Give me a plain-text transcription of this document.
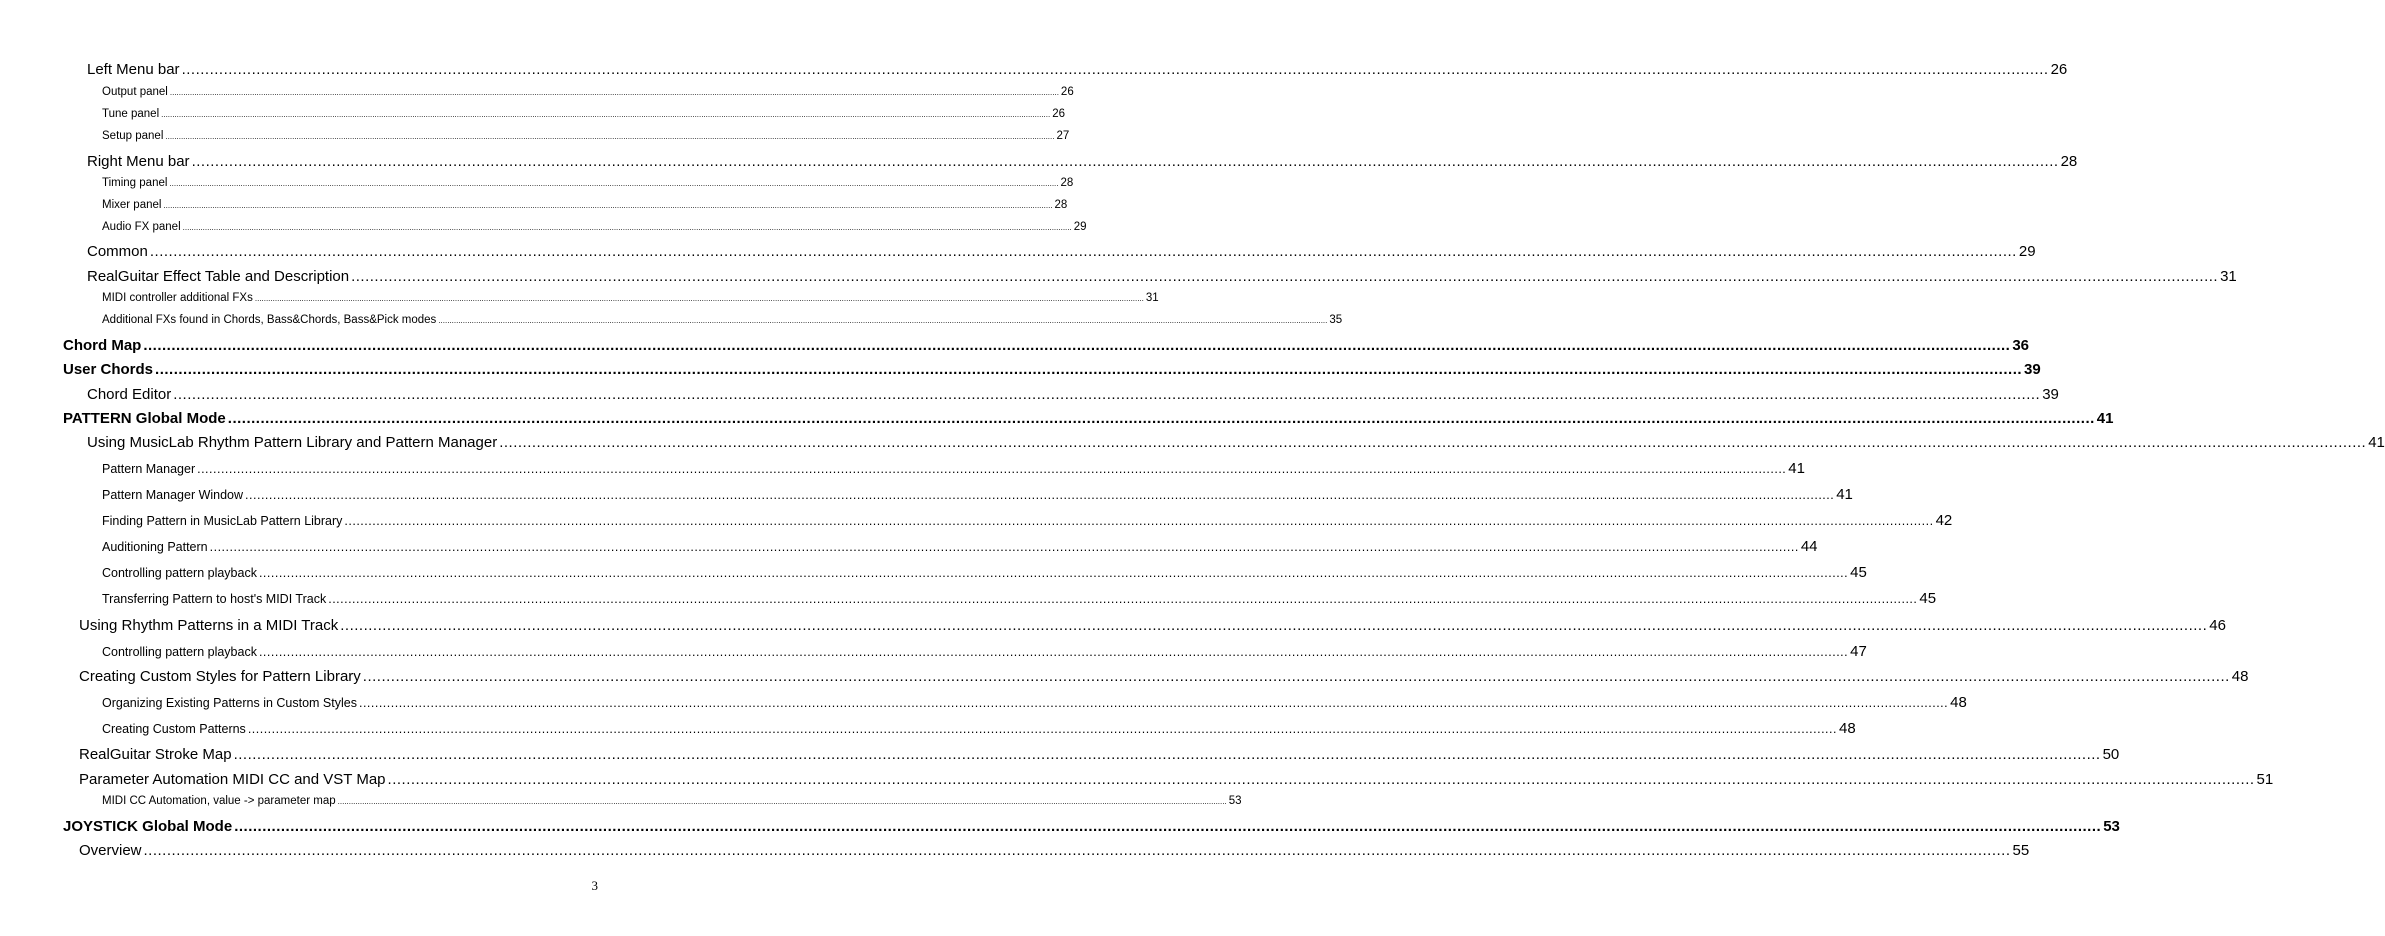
Left Menu bar ................................................................................................................................................................................................................................................................................................................................................................................................................ 26
Output panel ................................................................................................................................................................................................................................................................................................................................................................................................................ 26
Tune panel ................................................................................................................................................................................................................................................................................................................................................................................................................ 26
Setup panel ................................................................................................................................................................................................................................................................................................................................................................................................................ 27
Right Menu bar ................................................................................................................................................................................................................................................................................................................................................................................................................ 28
Timing panel ................................................................................................................................................................................................................................................................................................................................................................................................................ 28
Mixer panel ................................................................................................................................................................................................................................................................................................................................................................................................................ 28
Audio FX panel ................................................................................................................................................................................................................................................................................................................................................................................................................ 29
Common ................................................................................................................................................................................................................................................................................................................................................................................................................ 29
RealGuitar Effect Table and Description ................................................................................................................................................................................................................................................................................................................................................................................................................ 31
MIDI controller additional FXs ................................................................................................................................................................................................................................................................................................................................................................................................................ 31
Additional FXs found in Chords, Bass&Chords, Bass&Pick modes ................................................................................................................................................................................................................................................................................................................................................................................................................ 35
Chord Map ................................................................................................................................................................................................................................................................................................................................................................................................................ 36
User Chords ................................................................................................................................................................................................................................................................................................................................................................................................................ 39
Chord Editor ................................................................................................................................................................................................................................................................................................................................................................................................................ 39
PATTERN Global Mode ................................................................................................................................................................................................................................................................................................................................................................................................................ 41
Using MusicLab Rhythm Pattern Library and Pattern Manager ................................................................................................................................................................................................................................................................................................................................................................................................................ 41
Pattern Manager ................................................................................................................................................................................................................................................................................................................................................................................................................ 41
Pattern Manager Window ................................................................................................................................................................................................................................................................................................................................................................................................................ 41
Finding Pattern in MusicLab Pattern Library ................................................................................................................................................................................................................................................................................................................................................................................................................ 42
Auditioning Pattern ................................................................................................................................................................................................................................................................................................................................................................................................................ 44
Controlling pattern playback ................................................................................................................................................................................................................................................................................................................................................................................................................ 45
Transferring Pattern to host's MIDI Track ................................................................................................................................................................................................................................................................................................................................................................................................................ 45
Using Rhythm Patterns in a MIDI Track ................................................................................................................................................................................................................................................................................................................................................................................................................ 46
Controlling pattern playback ................................................................................................................................................................................................................................................................................................................................................................................................................ 47
Creating Custom Styles for Pattern Library ................................................................................................................................................................................................................................................................................................................................................................................................................ 48
Organizing Existing Patterns in Custom Styles ................................................................................................................................................................................................................................................................................................................................................................................................................ 48
Creating Custom Patterns ................................................................................................................................................................................................................................................................................................................................................................................................................ 48
RealGuitar Stroke Map ................................................................................................................................................................................................................................................................................................................................................................................................................ 50
Parameter Automation MIDI CC and VST Map ................................................................................................................................................................................................................................................................................................................................................................................................................ 51
MIDI CC Automation, value -> parameter map ................................................................................................................................................................................................................................................................................................................................................................................................................ 53
JOYSTICK Global Mode ................................................................................................................................................................................................................................................................................................................................................................................................................ 53
Overview ................................................................................................................................................................................................................................................................................................................................................................................................................ 55
3
